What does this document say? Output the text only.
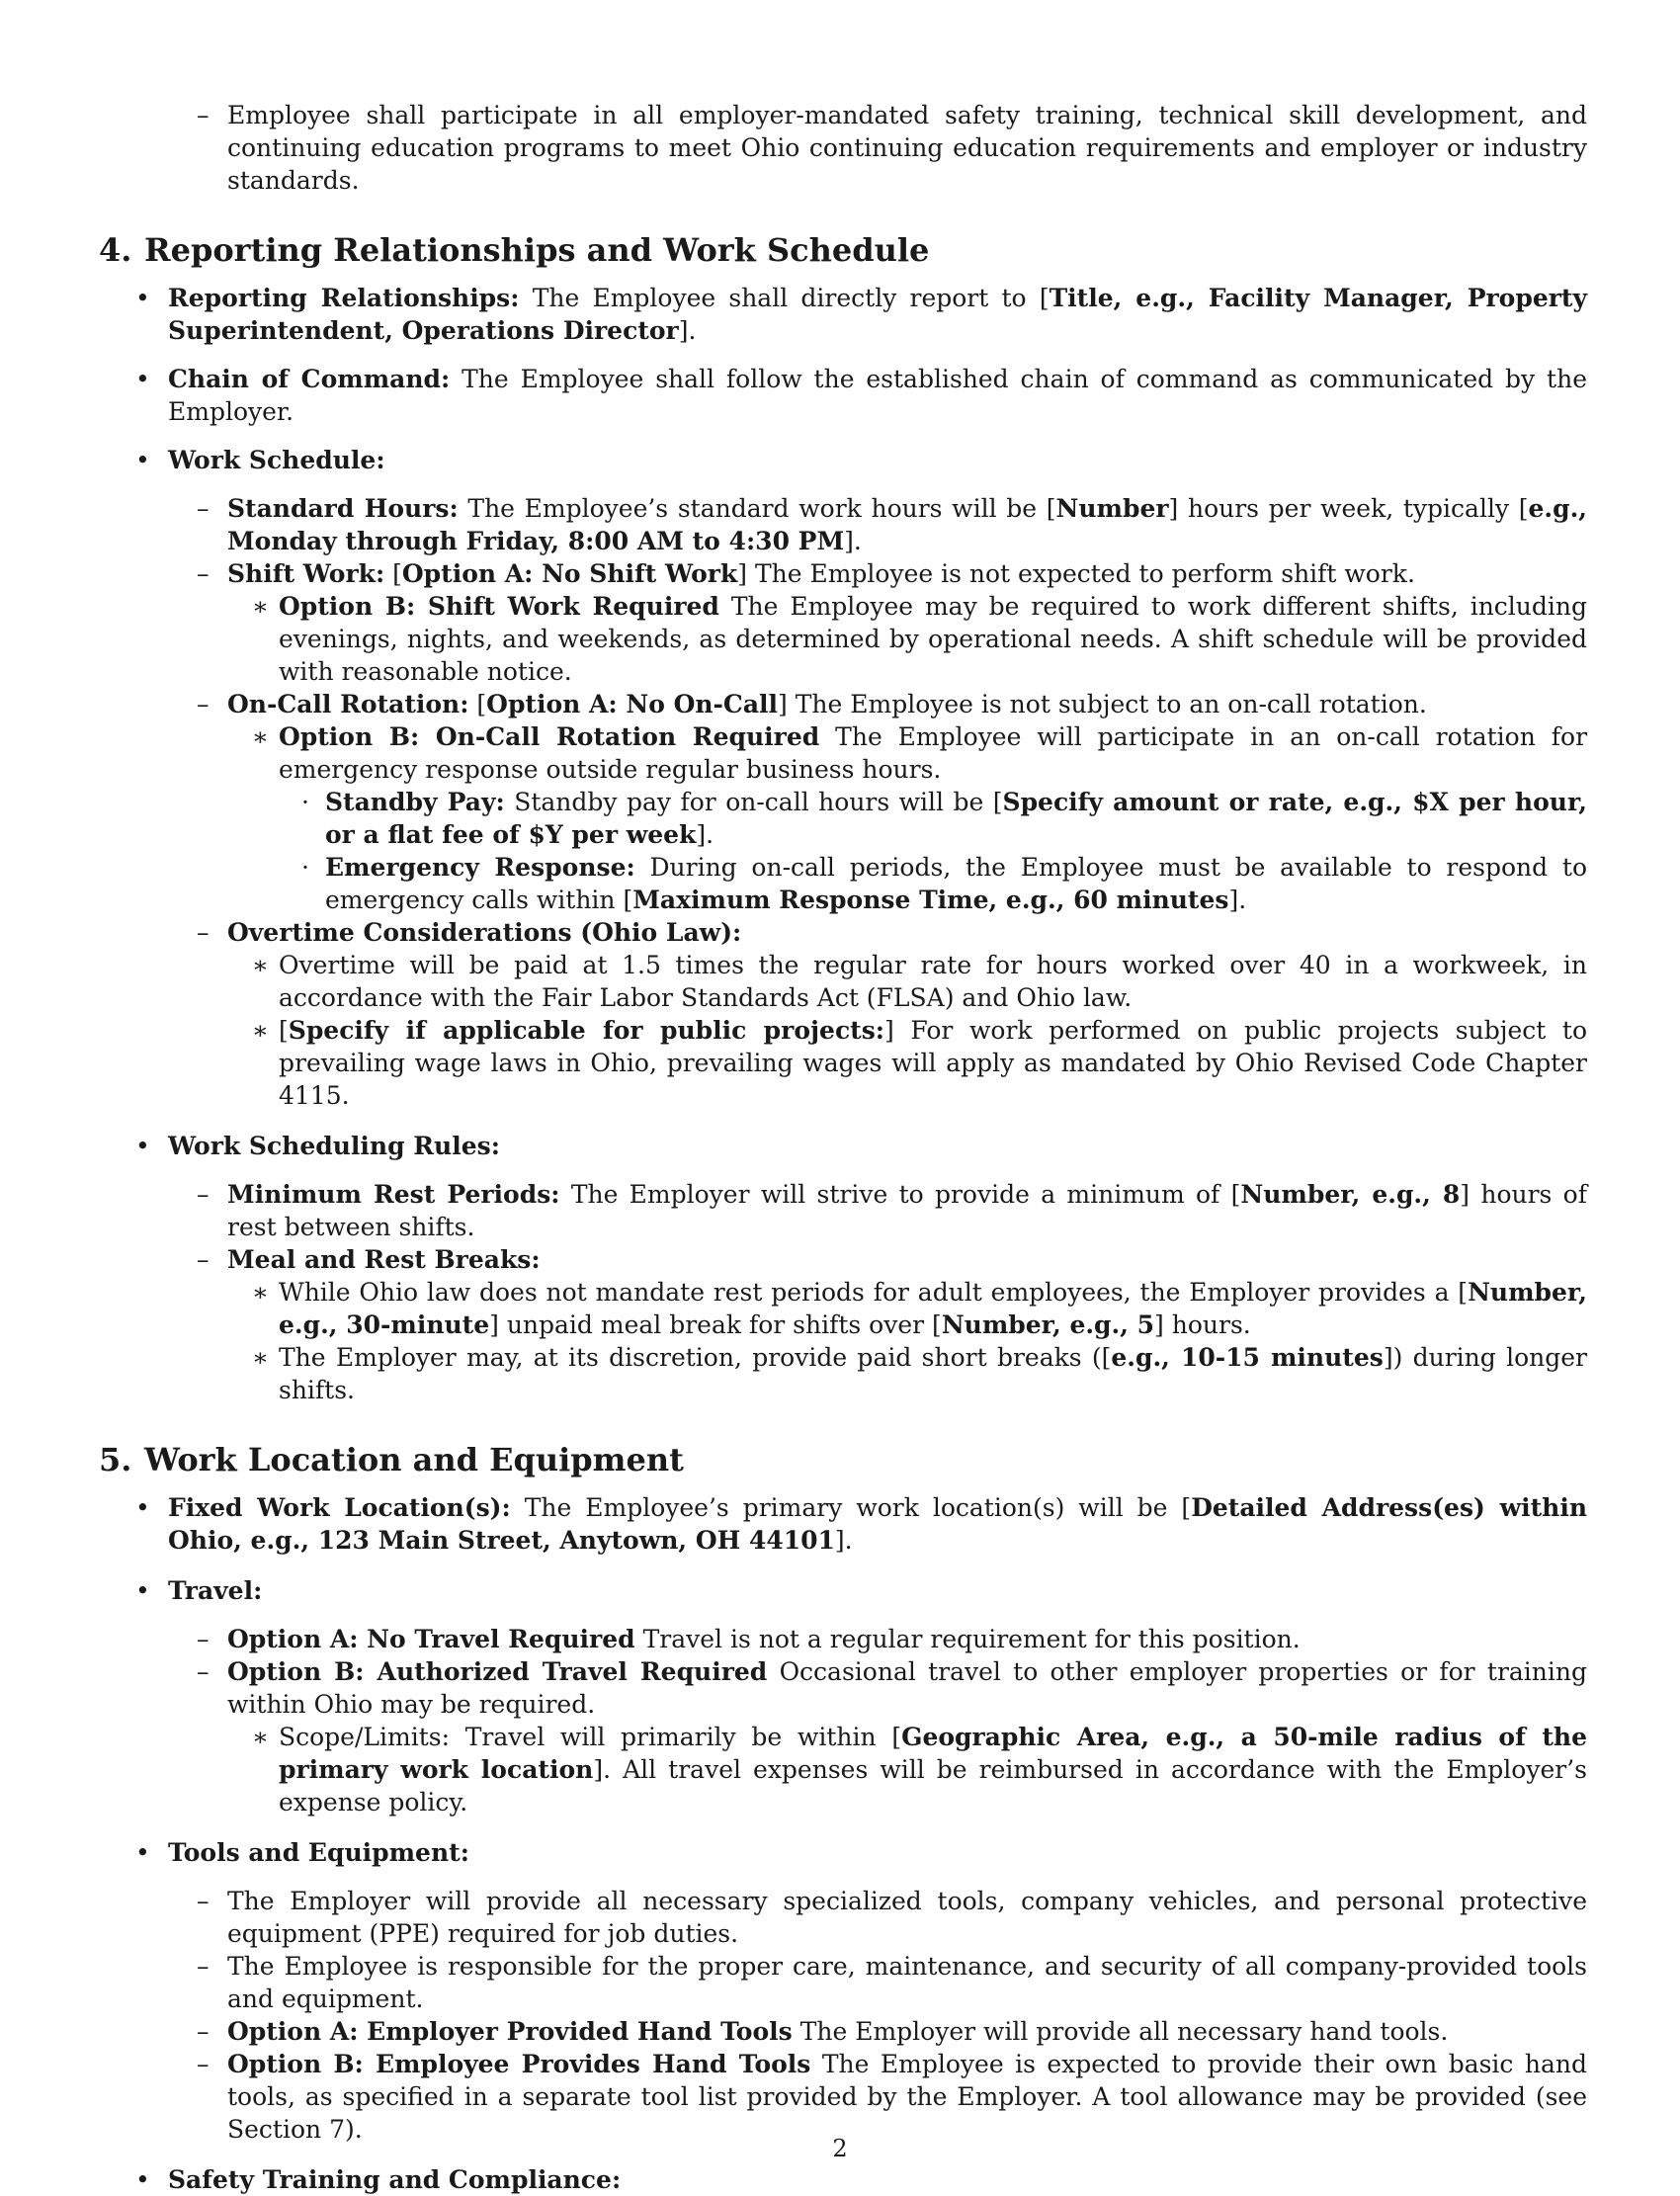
– Employee shall participate in all employer-mandated safety training, technical skill development, and continuing education programs to meet Ohio continuing education requirements and employer or industry standards.
4. Reporting Relationships and Work Schedule
• Reporting Relationships: The Employee shall directly report to [Title, e.g., Facility Manager, Property Superintendent, Operations Director].
• Chain of Command: The Employee shall follow the established chain of command as communicated by the Employer.
• Work Schedule:
– Standard Hours: The Employee’s standard work hours will be [Number] hours per week, typically [e.g., Monday through Friday, 8:00 AM to 4:30 PM].
– Shift Work: [Option A: No Shift Work] The Employee is not expected to perform shift work.
∗ Option B: Shift Work Required The Employee may be required to work different shifts, including evenings, nights, and weekends, as determined by operational needs. A shift schedule will be provided with reasonable notice.
– On-Call Rotation: [Option A: No On-Call] The Employee is not subject to an on-call rotation.
∗ Option B: On-Call Rotation Required The Employee will participate in an on-call rotation for emergency response outside regular business hours.
· Standby Pay: Standby pay for on-call hours will be [Specify amount or rate, e.g., $X per hour, or a flat fee of $Y per week].
· Emergency Response: During on-call periods, the Employee must be available to respond to emergency calls within [Maximum Response Time, e.g., 60 minutes].
– Overtime Considerations (Ohio Law):
∗ Overtime will be paid at 1.5 times the regular rate for hours worked over 40 in a workweek, in accordance with the Fair Labor Standards Act (FLSA) and Ohio law.
∗ [Specify if applicable for public projects:] For work performed on public projects subject to prevailing wage laws in Ohio, prevailing wages will apply as mandated by Ohio Revised Code Chapter 4115.
• Work Scheduling Rules:
– Minimum Rest Periods: The Employer will strive to provide a minimum of [Number, e.g., 8] hours of rest between shifts.
– Meal and Rest Breaks:
∗ While Ohio law does not mandate rest periods for adult employees, the Employer provides a [Number, e.g., 30-minute] unpaid meal break for shifts over [Number, e.g., 5] hours.
∗ The Employer may, at its discretion, provide paid short breaks ([e.g., 10-15 minutes]) during longer shifts.
5. Work Location and Equipment
• Fixed Work Location(s): The Employee’s primary work location(s) will be [Detailed Address(es) within Ohio, e.g., 123 Main Street, Anytown, OH 44101].
• Travel:
– Option A: No Travel Required Travel is not a regular requirement for this position.
– Option B: Authorized Travel Required Occasional travel to other employer properties or for training within Ohio may be required.
∗ Scope/Limits: Travel will primarily be within [Geographic Area, e.g., a 50-mile radius of the primary work location]. All travel expenses will be reimbursed in accordance with the Employer’s expense policy.
• Tools and Equipment:
– The Employer will provide all necessary specialized tools, company vehicles, and personal protective equipment (PPE) required for job duties.
– The Employee is responsible for the proper care, maintenance, and security of all company-provided tools and equipment.
– Option A: Employer Provided Hand Tools The Employer will provide all necessary hand tools.
– Option B: Employee Provides Hand Tools The Employee is expected to provide their own basic hand tools, as specified in a separate tool list provided by the Employer. A tool allowance may be provided (see Section 7).
• Safety Training and Compliance:
2
